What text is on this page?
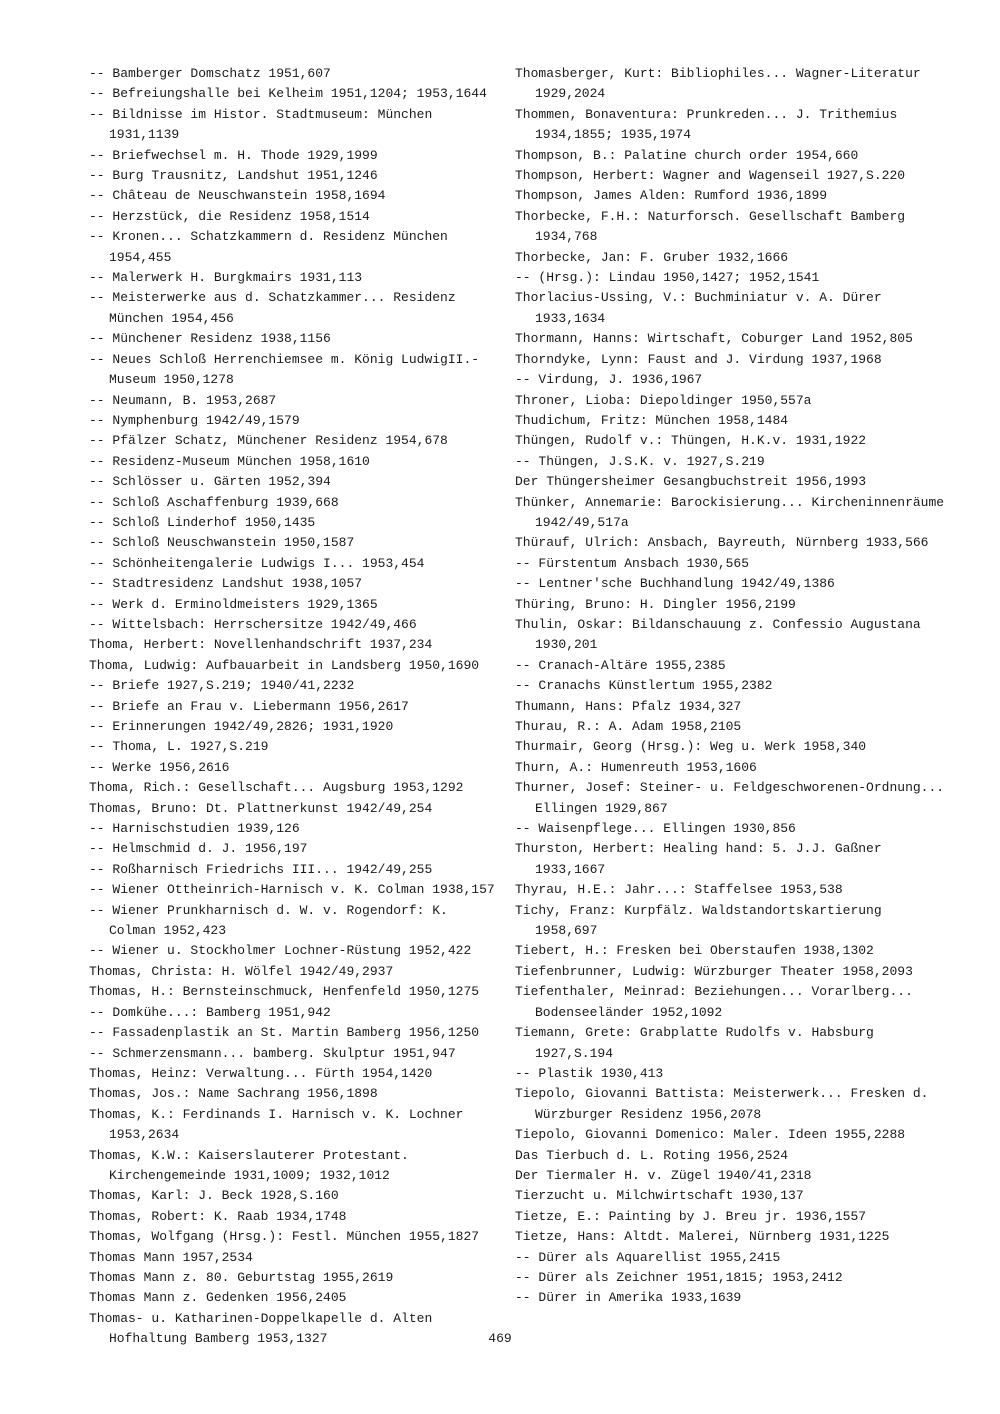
-- Bamberger Domschatz 1951,607
-- Befreiungshalle bei Kelheim 1951,1204; 1953,1644
-- Bildnisse im Histor. Stadtmuseum: München 1931,1139
-- Briefwechsel m. H. Thode 1929,1999
-- Burg Trausnitz, Landshut 1951,1246
-- Château de Neuschwanstein 1958,1694
-- Herzstück, die Residenz 1958,1514
-- Kronen... Schatzkammern d. Residenz München 1954,455
-- Malerwerk H. Burgkmairs 1931,113
-- Meisterwerke aus d. Schatzkammer... Residenz München 1954,456
-- Münchener Residenz 1938,1156
-- Neues Schloß Herrenchiemsee m. König LudwigII.-Museum 1950,1278
-- Neumann, B. 1953,2687
-- Nymphenburg 1942/49,1579
-- Pfälzer Schatz, Münchener Residenz 1954,678
-- Residenz-Museum München 1958,1610
-- Schlösser u. Gärten 1952,394
-- Schloß Aschaffenburg 1939,668
-- Schloß Linderhof 1950,1435
-- Schloß Neuschwanstein 1950,1587
-- Schönheitengalerie Ludwigs I... 1953,454
-- Stadtresidenz Landshut 1938,1057
-- Werk d. Erminoldmeisters 1929,1365
-- Wittelsbach: Herrschersitze 1942/49,466
Thoma, Herbert: Novellenhandschrift 1937,234
Thoma, Ludwig: Aufbauarbeit in Landsberg 1950,1690
-- Briefe 1927,S.219; 1940/41,2232
-- Briefe an Frau v. Liebermann 1956,2617
-- Erinnerungen 1942/49,2826; 1931,1920
-- Thoma, L. 1927,S.219
-- Werke 1956,2616
Thoma, Rich.: Gesellschaft... Augsburg 1953,1292
Thomas, Bruno: Dt. Plattnerkunst 1942/49,254
-- Harnischstudien 1939,126
-- Helmschmid d. J. 1956,197
-- Roßharnisch Friedrichs III... 1942/49,255
-- Wiener Ottheinrich-Harnisch v. K. Colman 1938,157
-- Wiener Prunkharnisch d. W. v. Rogendorf: K. Colman 1952,423
-- Wiener u. Stockholmer Lochner-Rüstung 1952,422
Thomas, Christa: H. Wölfel 1942/49,2937
Thomas, H.: Bernsteinschmuck, Henfenfeld 1950,1275
-- Domkühe...: Bamberg 1951,942
-- Fassadenplastik an St. Martin Bamberg 1956,1250
-- Schmerzensmann... bamberg. Skulptur 1951,947
Thomas, Heinz: Verwaltung... Fürth 1954,1420
Thomas, Jos.: Name Sachrang 1956,1898
Thomas, K.: Ferdinands I. Harnisch v. K. Lochner 1953,2634
Thomas, K.W.: Kaiserslauterer Protestant. Kirchengemeinde 1931,1009; 1932,1012
Thomas, Karl: J. Beck 1928,S.160
Thomas, Robert: K. Raab 1934,1748
Thomas, Wolfgang (Hrsg.): Festl. München 1955,1827
Thomas Mann 1957,2534
Thomas Mann z. 80. Geburtstag 1955,2619
Thomas Mann z. Gedenken 1956,2405
Thomas- u. Katharinen-Doppelkapelle d. Alten Hofhaltung Bamberg 1953,1327
Thomasberger, Kurt: Bibliophiles... Wagner-Literatur 1929,2024
Thommen, Bonaventura: Prunkreden... J. Trithemius 1934,1855; 1935,1974
Thompson, B.: Palatine church order 1954,660
Thompson, Herbert: Wagner and Wagenseil 1927,S.220
Thompson, James Alden: Rumford 1936,1899
Thorbecke, F.H.: Naturforsch. Gesellschaft Bamberg 1934,768
Thorbecke, Jan: F. Gruber 1932,1666
-- (Hrsg.): Lindau 1950,1427; 1952,1541
Thorlacius-Ussing, V.: Buchminiatur v. A. Dürer 1933,1634
Thormann, Hanns: Wirtschaft, Coburger Land 1952,805
Thorndyke, Lynn: Faust and J. Virdung 1937,1968
-- Virdung, J. 1936,1967
Throner, Lioba: Diepoldinger 1950,557a
Thudichum, Fritz: München 1958,1484
Thüngen, Rudolf v.: Thüngen, H.K.v. 1931,1922
-- Thüngen, J.S.K. v. 1927,S.219
Der Thüngersheimer Gesangbuchstreit 1956,1993
Thünker, Annemarie: Barockisierung... Kircheninnenräume 1942/49,517a
Thürauf, Ulrich: Ansbach, Bayreuth, Nürnberg 1933,566
-- Fürstentum Ansbach 1930,565
-- Lentner'sche Buchhandlung 1942/49,1386
Thüring, Bruno: H. Dingler 1956,2199
Thulin, Oskar: Bildanschauung z. Confessio Augustana 1930,201
-- Cranach-Altäre 1955,2385
-- Cranachs Künstlertum 1955,2382
Thumann, Hans: Pfalz 1934,327
Thurau, R.: A. Adam 1958,2105
Thurmair, Georg (Hrsg.): Weg u. Werk 1958,340
Thurn, A.: Humenreuth 1953,1606
Thurner, Josef: Steiner- u. Feldgeschworenen-Ordnung... Ellingen 1929,867
-- Waisenpflege... Ellingen 1930,856
Thurston, Herbert: Healing hand: 5. J.J. Gaßner 1933,1667
Thyrau, H.E.: Jahr...: Staffelsee 1953,538
Tichy, Franz: Kurpfälz. Waldstandortskartierung 1958,697
Tiebert, H.: Fresken bei Oberstaufen 1938,1302
Tiefenbrunner, Ludwig: Würzburger Theater 1958,2093
Tiefenthaler, Meinrad: Beziehungen... Vorarlberg... Bodenseeländer 1952,1092
Tiemann, Grete: Grabplatte Rudolfs v. Habsburg 1927,S.194
-- Plastik 1930,413
Tiepolo, Giovanni Battista: Meisterwerk... Fresken d. Würzburger Residenz 1956,2078
Tiepolo, Giovanni Domenico: Maler. Ideen 1955,2288
Das Tierbuch d. L. Roting 1956,2524
Der Tiermaler H. v. Zügel 1940/41,2318
Tierzucht u. Milchwirtschaft 1930,137
Tietze, E.: Painting by J. Breu jr. 1936,1557
Tietze, Hans: Altdt. Malerei, Nürnberg 1931,1225
-- Dürer als Aquarellist 1955,2415
-- Dürer als Zeichner 1951,1815; 1953,2412
-- Dürer in Amerika 1933,1639
469
